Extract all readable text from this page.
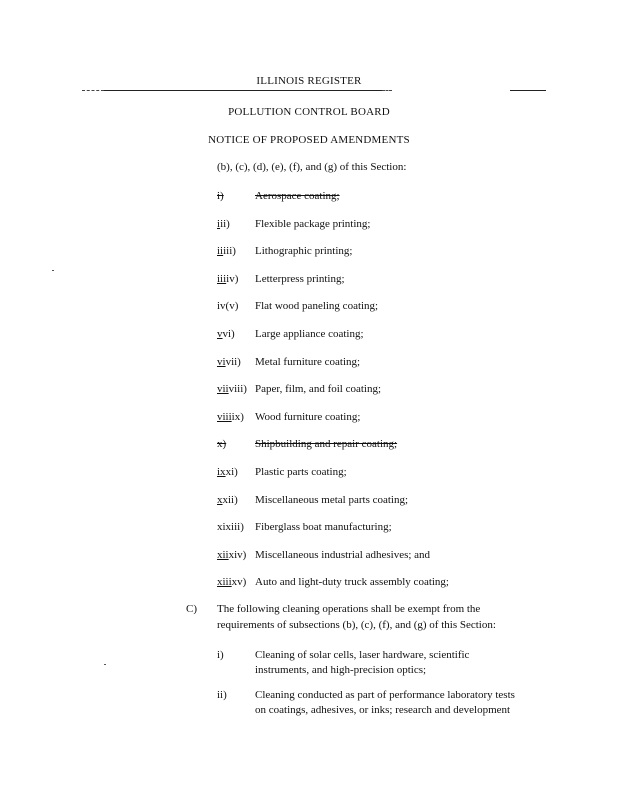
ILLINOIS REGISTER
POLLUTION CONTROL BOARD
NOTICE OF PROPOSED AMENDMENTS
(b), (c), (d), (e), (f), and (g) of this Section:
i)	Aerospace coating;
iii) Flexible package printing;
iiiii) Lithographic printing;
iiiiv) Letterpress printing;
iv(v) Flat wood paneling coating;
vvi) Large appliance coating;
vivii) Metal furniture coating;
viiviii) Paper, film, and foil coating;
viiiix) Wood furniture coating;
x)	Shipbuilding and repair coating;
ixxi) Plastic parts coating;
xxii) Miscellaneous metal parts coating;
xixiii) Fiberglass boat manufacturing;
xiixiv) Miscellaneous industrial adhesives; and
xiiixv) Auto and light-duty truck assembly coating;
C) The following cleaning operations shall be exempt from the
requirements of subsections (b), (c), (f), and (g) of this Section:
i)	Cleaning of solar cells, laser hardware, scientific
instruments, and high-precision optics;
ii)	Cleaning conducted as part of performance laboratory tests
on coatings, adhesives, or inks; research and development
